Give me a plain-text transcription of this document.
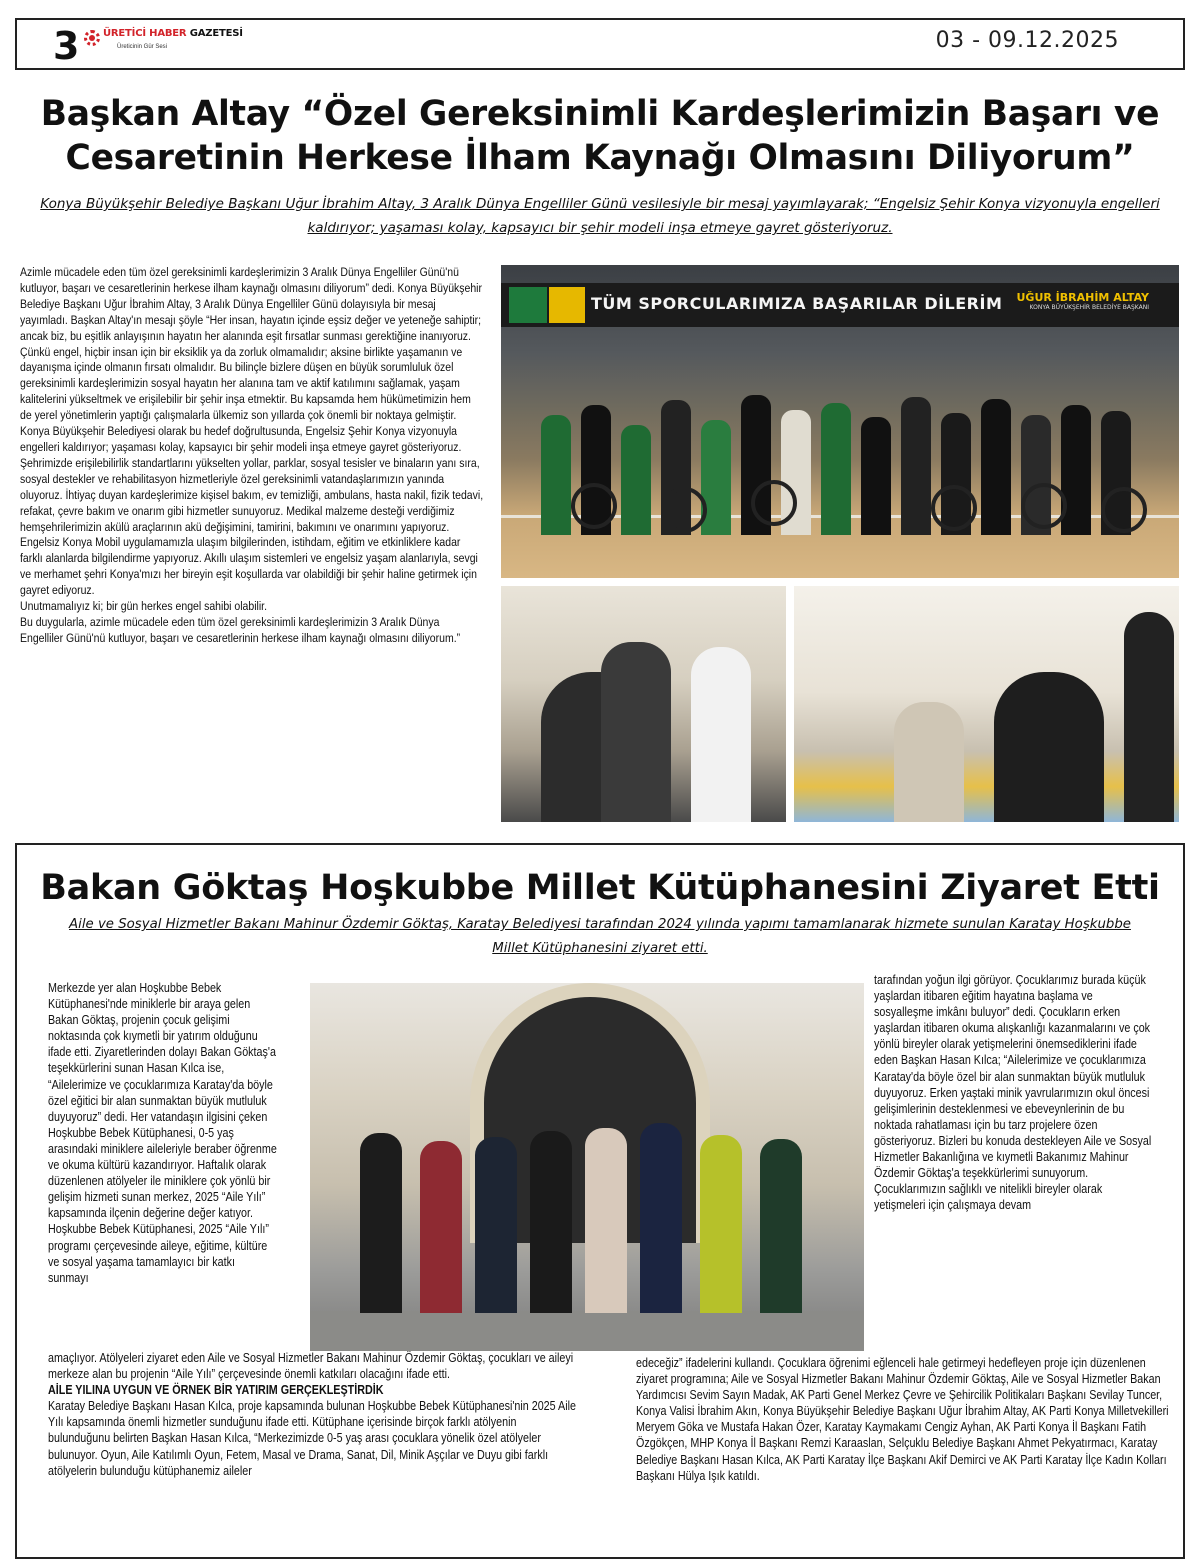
3 ÜRETİCİ HABER GAZETESİ
Üreticinin Gür Sesi	03 - 09.12.2025
Başkan Altay “Özel Gereksinimli Kardeşlerimizin Başarı ve
Cesaretinin Herkese İlham Kaynağı Olmasını Diliyorum”

Konya Büyükşehir Belediye Başkanı Uğur İbrahim Altay, 3 Aralık Dünya Engelliler Günü vesilesiyle bir mesaj yayımlayarak; “Engelsiz Şehir Konya vizyonuyla engelleri kaldırıyor; yaşaması kolay, kapsayıcı bir şehir modeli inşa etmeye gayret gösteriyoruz.

Azimle mücadele eden tüm özel gereksinimli kardeşlerimizin 3 Aralık Dünya Engelliler Günü'nü kutluyor, başarı ve cesaretlerinin herkese ilham kaynağı olmasını diliyorum” dedi. Konya Büyükşehir Belediye Başkanı Uğur İbrahim Altay, 3 Aralık Dünya Engelliler Günü dolayısıyla bir mesaj yayımladı. Başkan Altay'ın mesajı şöyle “Her insan, hayatın içinde eşsiz değer ve yeteneğe sahiptir; ancak biz, bu eşitlik anlayışının hayatın her alanında eşit fırsatlar sunması gerektiğine inanıyoruz. Çünkü engel, hiçbir insan için bir eksiklik ya da zorluk olmamalıdır; aksine birlikte yaşamanın ve dayanışma içinde olmanın fırsatı olmalıdır. Bu bilinçle bizlere düşen en büyük sorumluluk özel gereksinimli kardeşlerimizin sosyal hayatın her alanına tam ve aktif katılımını sağlamak, yaşam kalitelerini yükseltmek ve erişilebilir bir şehir inşa etmektir. Bu kapsamda hem hükümetimizin hem de yerel yönetimlerin yaptığı çalışmalarla ülkemiz son yıllarda çok önemli bir noktaya gelmiştir. Konya Büyükşehir Belediyesi olarak bu hedef doğrultusunda, Engelsiz Şehir Konya vizyonuyla engelleri kaldırıyor; yaşaması kolay, kapsayıcı bir şehir modeli inşa etmeye gayret gösteriyoruz. Şehrimizde erişilebilirlik standartlarını yükselten yollar, parklar, sosyal tesisler ve binaların yanı sıra, sosyal destekler ve rehabilitasyon hizmetleriyle özel gereksinimli vatandaşlarımızın yanında oluyoruz. İhtiyaç duyan kardeşlerimize kişisel bakım, ev temizliği, ambulans, hasta nakil, fizik tedavi, refakat, çevre bakım ve onarım gibi hizmetler sunuyoruz. Medikal malzeme desteği verdiğimiz hemşehrilerimizin akülü araçlarının akü değişimini, tamirini, bakımını ve onarımını yapıyoruz. Engelsiz Konya Mobil uygulamamızla ulaşım bilgilerinden, istihdam, eğitim ve etkinliklere kadar farklı alanlarda bilgilendirme yapıyoruz. Akıllı ulaşım sistemleri ve engelsiz yaşam alanlarıyla, sevgi ve merhamet şehri Konya'mızı her bireyin eşit koşullarda var olabildiği bir şehir haline getirmek için gayret ediyoruz.

Unutmamalıyız ki; bir gün herkes engel sahibi olabilir.

Bu duygularla, azimle mücadele eden tüm özel gereksinimli kardeşlerimizin 3 Aralık Dünya Engelliler Günü'nü kutluyor, başarı ve cesaretlerinin herkese ilham kaynağı olmasını diliyorum.”

TÜM SPORCULARIMIZA BAŞARILAR DİLERİM UĞUR İBRAHİM ALTAY
KONYA BÜYÜKŞEHİR BELEDİYE BAŞKANI
Bakan Göktaş Hoşkubbe Millet Kütüphanesini Ziyaret Etti

Aile ve Sosyal Hizmetler Bakanı Mahinur Özdemir Göktaş, Karatay Belediyesi tarafından 2024 yılında yapımı tamamlanarak hizmete sunulan Karatay Hoşkubbe Millet Kütüphanesini ziyaret etti.

Merkezde yer alan Hoşkubbe Bebek Kütüphanesi'nde miniklerle bir araya gelen Bakan Göktaş, projenin çocuk gelişimi noktasında çok kıymetli bir yatırım olduğunu ifade etti. Ziyaretlerinden dolayı Bakan Göktaş'a teşekkürlerini sunan Hasan Kılca ise, “Ailelerimize ve çocuklarımıza Karatay'da böyle özel eğitici bir alan sunmaktan büyük mutluluk duyuyoruz” dedi. Her vatandaşın ilgisini çeken Hoşkubbe Bebek Kütüphanesi, 0-5 yaş arasındaki miniklere aileleriyle beraber öğrenme ve okuma kültürü kazandırıyor. Haftalık olarak düzenlenen atölyeler ile miniklere çok yönlü bir gelişim hizmeti sunan merkez, 2025 “Aile Yılı” kapsamında ilçenin değerine değer katıyor. Hoşkubbe Bebek Kütüphanesi, 2025 “Aile Yılı” programı çerçevesinde aileye, eğitime, kültüre ve sosyal yaşama tamamlayıcı bir katkı sunmayı

tarafından yoğun ilgi görüyor. Çocuklarımız burada küçük yaşlardan itibaren eğitim hayatına başlama ve sosyalleşme imkânı buluyor” dedi. Çocukların erken yaşlardan itibaren okuma alışkanlığı kazanmalarını ve çok yönlü bireyler olarak yetişmelerini önemsediklerini ifade eden Başkan Hasan Kılca; “Ailelerimize ve çocuklarımıza Karatay'da böyle özel bir alan sunmaktan büyük mutluluk duyuyoruz. Erken yaştaki minik yavrularımızın okul öncesi gelişimlerinin desteklenmesi ve ebeveynlerinin de bu noktada rahatlaması için bu tarz projelere özen gösteriyoruz. Bizleri bu konuda destekleyen Aile ve Sosyal Hizmetler Bakanlığına ve kıymetli Bakanımız Mahinur Özdemir Göktaş'a teşekkürlerimi sunuyorum. Çocuklarımızın sağlıklı ve nitelikli bireyler olarak yetişmeleri için çalışmaya devam

amaçlıyor. Atölyeleri ziyaret eden Aile ve Sosyal Hizmetler Bakanı Mahinur Özdemir Göktaş, çocukları ve aileyi merkeze alan bu projenin “Aile Yılı” çerçevesinde önemli katkıları olacağını ifade etti.

AİLE YILINA UYGUN VE ÖRNEK BİR YATIRIM GERÇEKLEŞTİRDİK

Karatay Belediye Başkanı Hasan Kılca, proje kapsamında bulunan Hoşkubbe Bebek Kütüphanesi'nin 2025 Aile Yılı kapsamında önemli hizmetler sunduğunu ifade etti. Kütüphane içerisinde birçok farklı atölyenin bulunduğunu belirten Başkan Hasan Kılca, “Merkezimizde 0-5 yaş arası çocuklara yönelik özel atölyeler bulunuyor. Oyun, Aile Katılımlı Oyun, Fetem, Masal ve Drama, Sanat, Dil, Minik Aşçılar ve Duyu gibi farklı atölyelerin bulunduğu kütüphanemiz aileler

edeceğiz” ifadelerini kullandı. Çocuklara öğrenimi eğlenceli hale getirmeyi hedefleyen proje için düzenlenen ziyaret programına; Aile ve Sosyal Hizmetler Bakanı Mahinur Özdemir Göktaş, Aile ve Sosyal Hizmetler Bakan Yardımcısı Sevim Sayın Madak, AK Parti Genel Merkez Çevre ve Şehircilik Politikaları Başkanı Sevilay Tuncer, Konya Valisi İbrahim Akın, Konya Büyükşehir Belediye Başkanı Uğur İbrahim Altay, AK Parti Konya Milletvekilleri Meryem Göka ve Mustafa Hakan Özer, Karatay Kaymakamı Cengiz Ayhan, AK Parti Konya İl Başkanı Fatih Özgökçen, MHP Konya İl Başkanı Remzi Karaaslan, Selçuklu Belediye Başkanı Ahmet Pekyatırmacı, Karatay Belediye Başkanı Hasan Kılca, AK Parti Karatay İlçe Başkanı Akif Demirci ve AK Parti Karatay İlçe Kadın Kolları Başkanı Hülya Işık katıldı.
